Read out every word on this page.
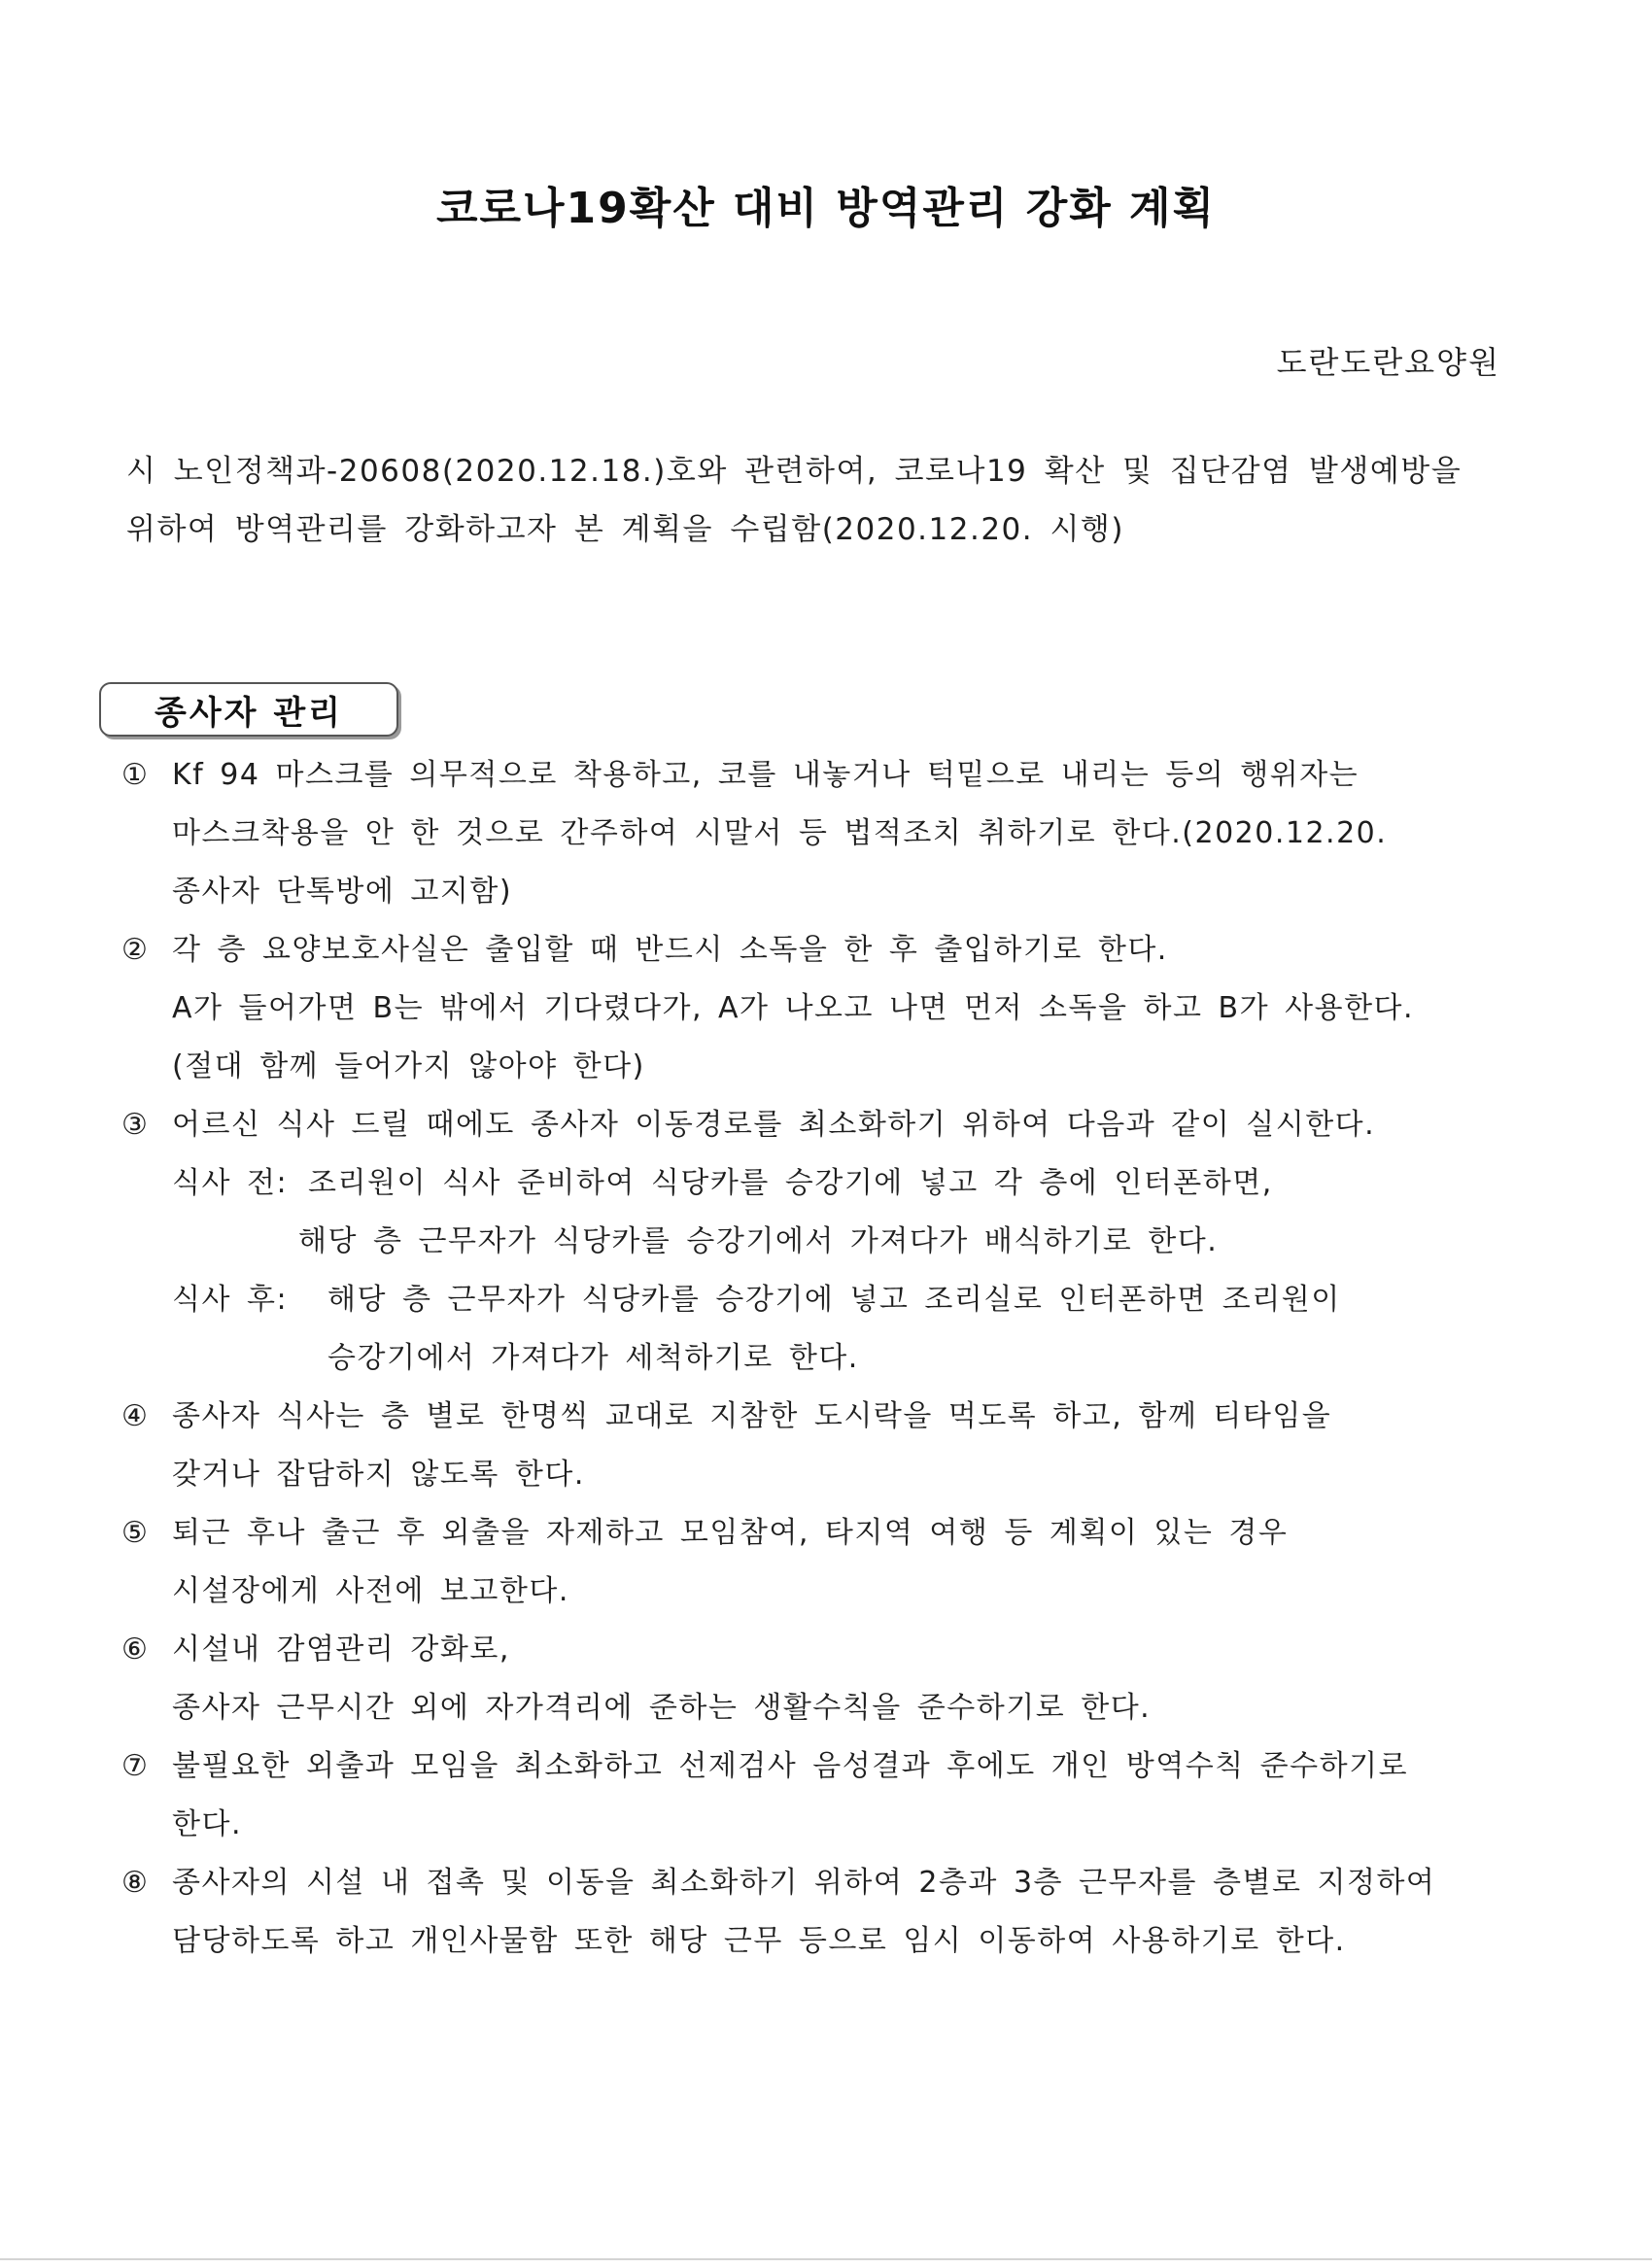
코로나19확산 대비 방역관리 강화 계획
도란도란요양원
시 노인정책과-20608(2020.12.18.)호와 관련하여, 코로나19 확산 및 집단감염 발생예방을
위하여 방역관리를 강화하고자 본 계획을 수립함(2020.12.20. 시행)
종사자 관리
① Kf 94 마스크를 의무적으로 착용하고, 코를 내놓거나 턱밑으로 내리는 등의 행위자는
마스크착용을 안 한 것으로 간주하여 시말서 등 법적조치 취하기로 한다.(2020.12.20.
종사자 단톡방에 고지함)
② 각 층 요양보호사실은 출입할 때 반드시 소독을 한 후 출입하기로 한다.
A가 들어가면 B는 밖에서 기다렸다가, A가 나오고 나면 먼저 소독을 하고 B가 사용한다.
(절대 함께 들어가지 않아야 한다)
③ 어르신 식사 드릴 때에도 종사자 이동경로를 최소화하기 위하여 다음과 같이 실시한다.
식사 전: 조리원이 식사 준비하여 식당카를 승강기에 넣고 각 층에 인터폰하면,
해당 층 근무자가 식당카를 승강기에서 가져다가 배식하기로 한다.
식사 후:	해당 층 근무자가 식당카를 승강기에 넣고 조리실로 인터폰하면 조리원이
승강기에서 가져다가 세척하기로 한다.
④ 종사자 식사는 층 별로 한명씩 교대로 지참한 도시락을 먹도록 하고, 함께 티타임을
갖거나 잡담하지 않도록 한다.
⑤ 퇴근 후나 출근 후 외출을 자제하고 모임참여, 타지역 여행 등 계획이 있는 경우
시설장에게 사전에 보고한다.
⑥ 시설내 감염관리 강화로,
종사자 근무시간 외에 자가격리에 준하는 생활수칙을 준수하기로 한다.
⑦ 불필요한 외출과 모임을 최소화하고 선제검사 음성결과 후에도 개인 방역수칙 준수하기로
한다.
⑧ 종사자의 시설 내 접촉 및 이동을 최소화하기 위하여 2층과 3층 근무자를 층별로 지정하여
담당하도록 하고 개인사물함 또한 해당 근무 등으로 임시 이동하여 사용하기로 한다.
